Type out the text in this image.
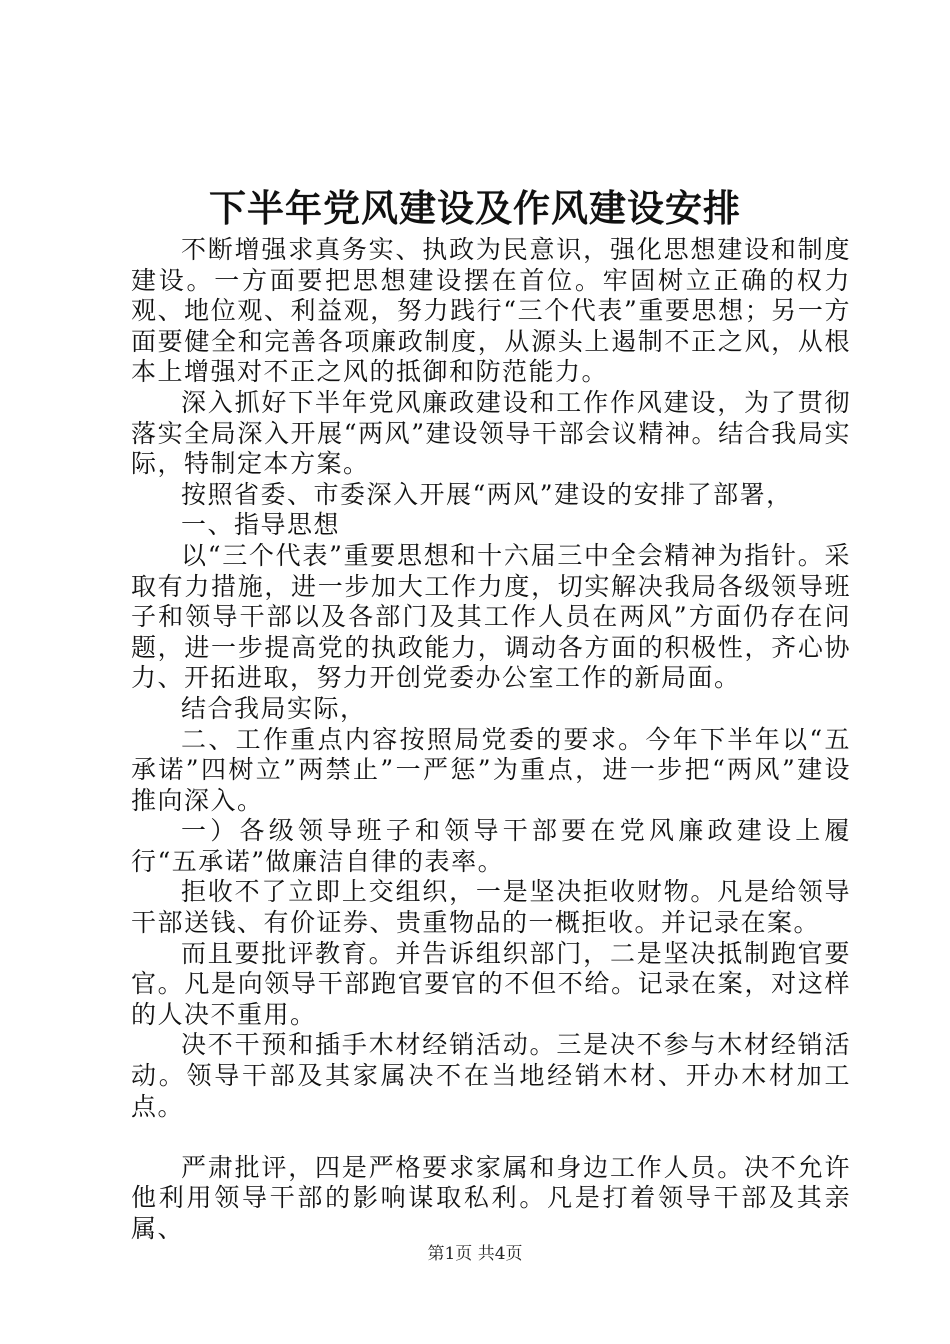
下半年党风建设及作风建设安排

不断增强求真务实、执政为民意识，强化思想建设和制度建设。一方面要把思想建设摆在首位。牢固树立正确的权力观、地位观、利益观，努力践行“三个代表”重要思想；另一方面要健全和完善各项廉政制度，从源头上遏制不正之风，从根本上增强对不正之风的抵御和防范能力。

深入抓好下半年党风廉政建设和工作作风建设，为了贯彻落实全局深入开展“两风”建设领导干部会议精神。结合我局实际，特制定本方案。

按照省委、市委深入开展“两风”建设的安排了部署，

一、指导思想

以“三个代表”重要思想和十六届三中全会精神为指针。采取有力措施，进一步加大工作力度，切实解决我局各级领导班子和领导干部以及各部门及其工作人员在两风”方面仍存在问题，进一步提高党的执政能力，调动各方面的积极性，齐心协力、开拓进取，努力开创党委办公室工作的新局面。

结合我局实际，

二、工作重点内容按照局党委的要求。今年下半年以“五承诺”四树立”两禁止”一严惩”为重点，进一步把“两风”建设推向深入。

一）各级领导班子和领导干部要在党风廉政建设上履行“五承诺”做廉洁自律的表率。

拒收不了立即上交组织，一是坚决拒收财物。凡是给领导干部送钱、有价证券、贵重物品的一概拒收。并记录在案。

而且要批评教育。并告诉组织部门，二是坚决抵制跑官要官。凡是向领导干部跑官要官的不但不给。记录在案，对这样的人决不重用。

决不干预和插手木材经销活动。三是决不参与木材经销活动。领导干部及其家属决不在当地经销木材、开办木材加工点。

严肃批评，四是严格要求家属和身边工作人员。决不允许他利用领导干部的影响谋取私利。凡是打着领导干部及其亲属、

第1页 共4页
